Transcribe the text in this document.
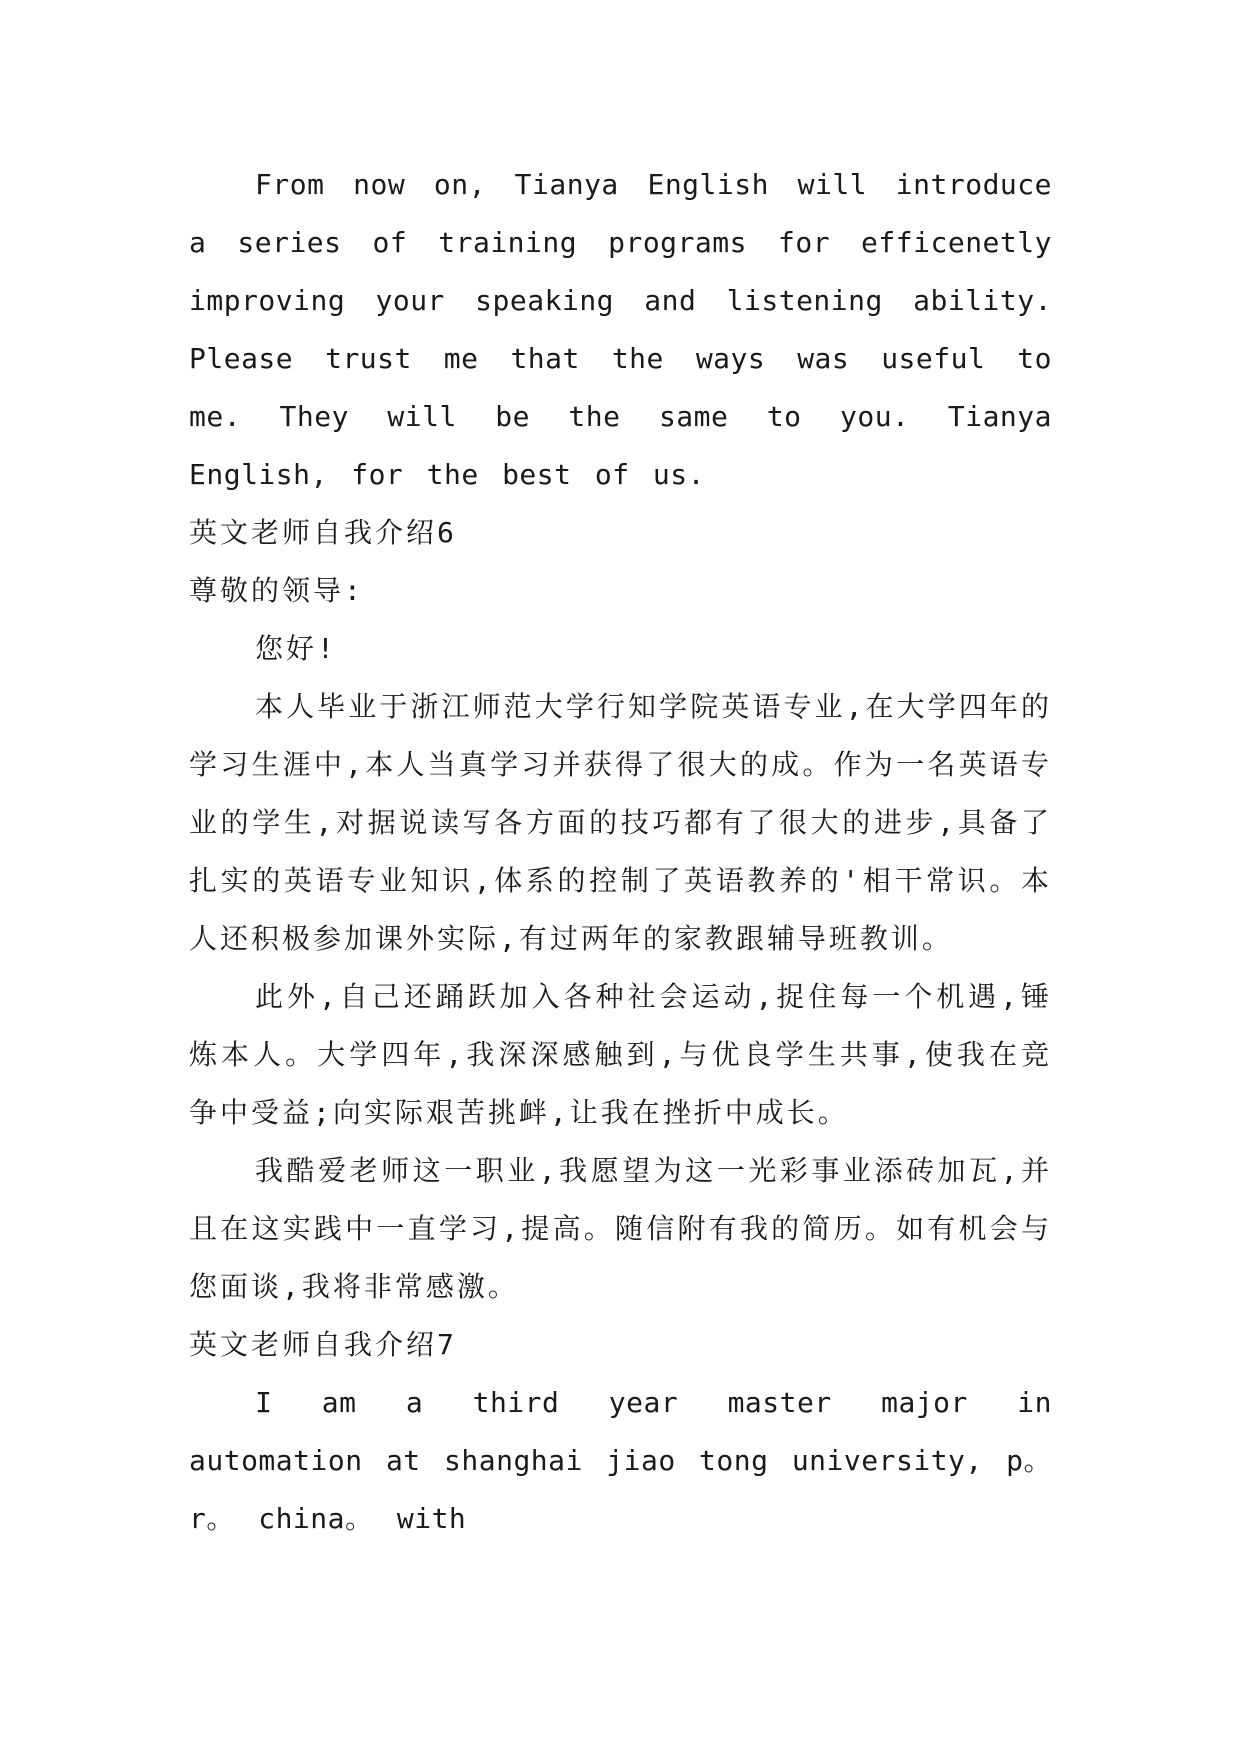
From now on, Tianya English will introduce a series of training programs for efficenetly improving your speaking and listening ability. Please trust me that the ways was useful to me. They will be the same to you. Tianya English, for the best of us.

英文老师自我介绍6

尊敬的领导:

您好!

本人毕业于浙江师范大学行知学院英语专业,在大学四年的学习生涯中,本人当真学习并获得了很大的成。作为一名英语专业的学生,对据说读写各方面的技巧都有了很大的进步,具备了扎实的英语专业知识,体系的控制了英语教养的'相干常识。本人还积极参加课外实际,有过两年的家教跟辅导班教训。

此外,自己还踊跃加入各种社会运动,捉住每一个机遇,锤炼本人。大学四年,我深深感触到,与优良学生共事,使我在竞争中受益;向实际艰苦挑衅,让我在挫折中成长。

我酷爱老师这一职业,我愿望为这一光彩事业添砖加瓦,并且在这实践中一直学习,提高。随信附有我的简历。如有机会与您面谈,我将非常感激。

英文老师自我介绍7

I am a third year master major in automation at shanghai jiao tong university, p。 r。 china。 with
